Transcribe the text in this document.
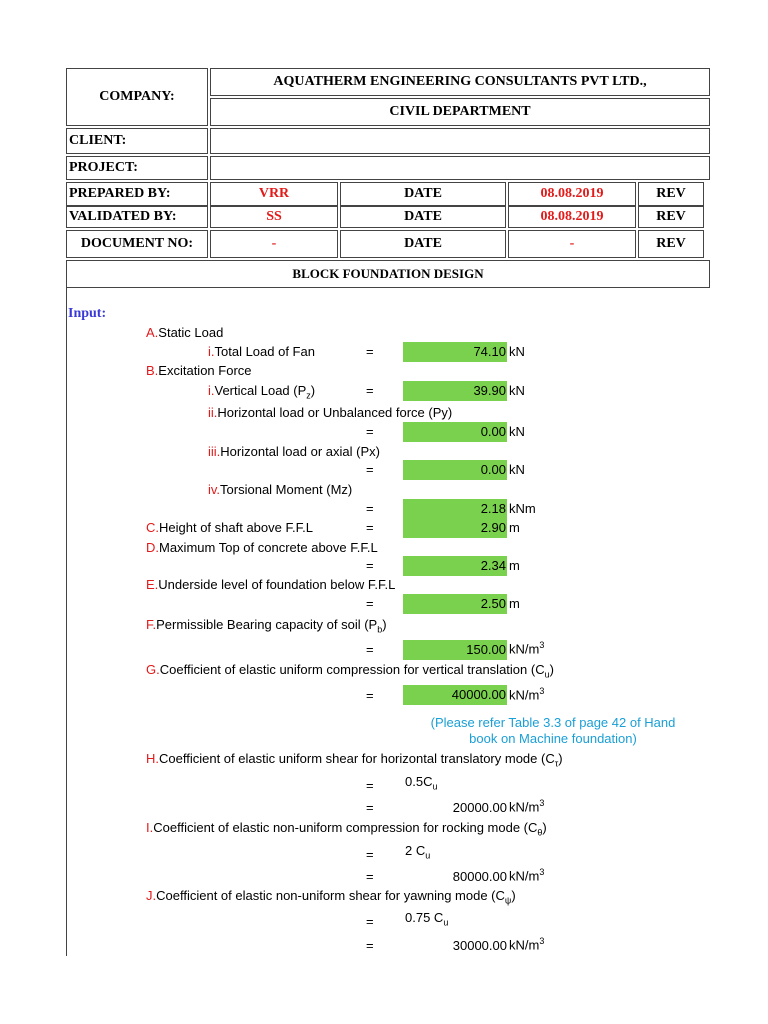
COMPANY:
AQUATHERM ENGINEERING CONSULTANTS PVT LTD.,
CIVIL DEPARTMENT
CLIENT:
PROJECT:
PREPARED BY:	VRR	DATE	08.08.2019	REV
VALIDATED BY:	SS	DATE	08.08.2019	REV
DOCUMENT NO:	-	DATE	-	REV
BLOCK FOUNDATION DESIGN
Input:
A.Static Load
i.Total Load of Fan	=	74.10 kN
B.Excitation Force
i.Vertical Load $(P_z)$	=	39.90 kN
ii.Horizontal load or Unbalanced force (Py)
=	0.00 kN
iii.Horizontal load or axial (Px)
=	0.00 kN
iv.Torsional Moment (Mz)
=	2.18 kNm
C.Height of shaft above F.F.L	=	2.90 m
D.Maximum Top of concrete above F.F.L
=	2.34 m
E.Underside level of foundation below F.F.L
=	2.50 m
F.Permissible Bearing capacity of soil $(P_b)$
=	150.00 $kN/m^3$
G.Coefficient of elastic uniform compression for vertical translation $(C_u)$
=	40000.00 $kN/m^3$
(Please refer Table 3.3 of page 42 of Hand book on Machine foundation)
H.Coefficient of elastic uniform shear for horizontal translatory mode $(C_\tau)$
= $0.5C_u$
=	20000.00 $kN/m^3$
I.Coefficient of elastic non-uniform compression for rocking mode $(C_\theta)$
= 2 $C_u$
=	80000.00 $kN/m^3$
J.Coefficient of elastic non-uniform shear for yawning mode $(C_\psi)$
= 0.75 $C_u$
=	30000.00 $kN/m^3$
